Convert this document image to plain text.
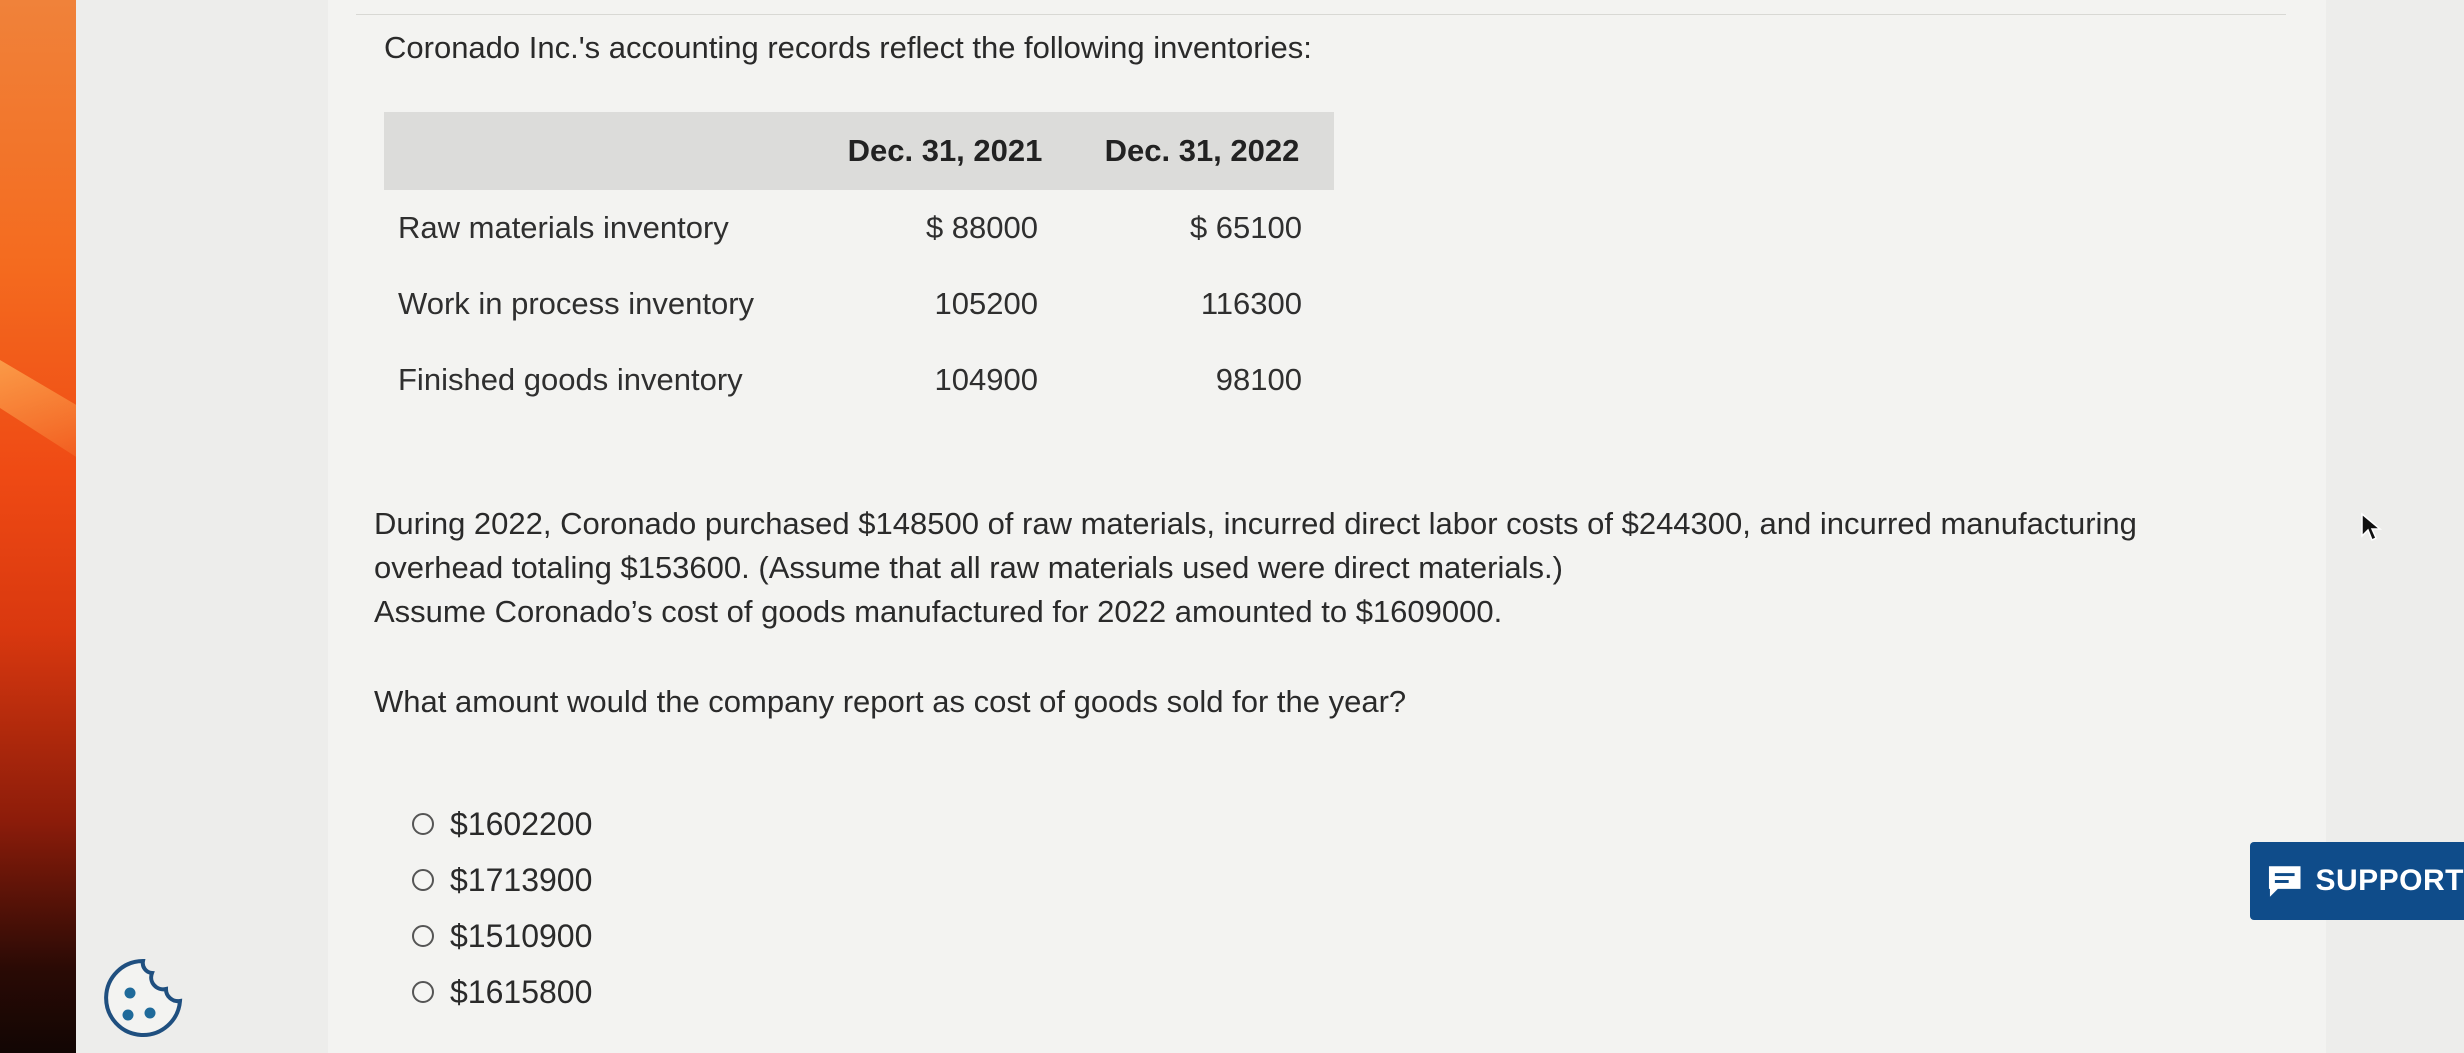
Coronado Inc.'s accounting records reflect the following inventories:
	Dec. 31, 2021	Dec. 31, 2022
Raw materials inventory	$ 88000	$ 65100
Work in process inventory	105200	116300
Finished goods inventory	104900	98100
During 2022, Coronado purchased $148500 of raw materials, incurred direct labor costs of $244300, and incurred manufacturing
overhead totaling $153600. (Assume that all raw materials used were direct materials.)
Assume Coronado’s cost of goods manufactured for 2022 amounted to $1609000.
What amount would the company report as cost of goods sold for the year?
$1602200
$1713900
$1510900
$1615800
SUPPORT
